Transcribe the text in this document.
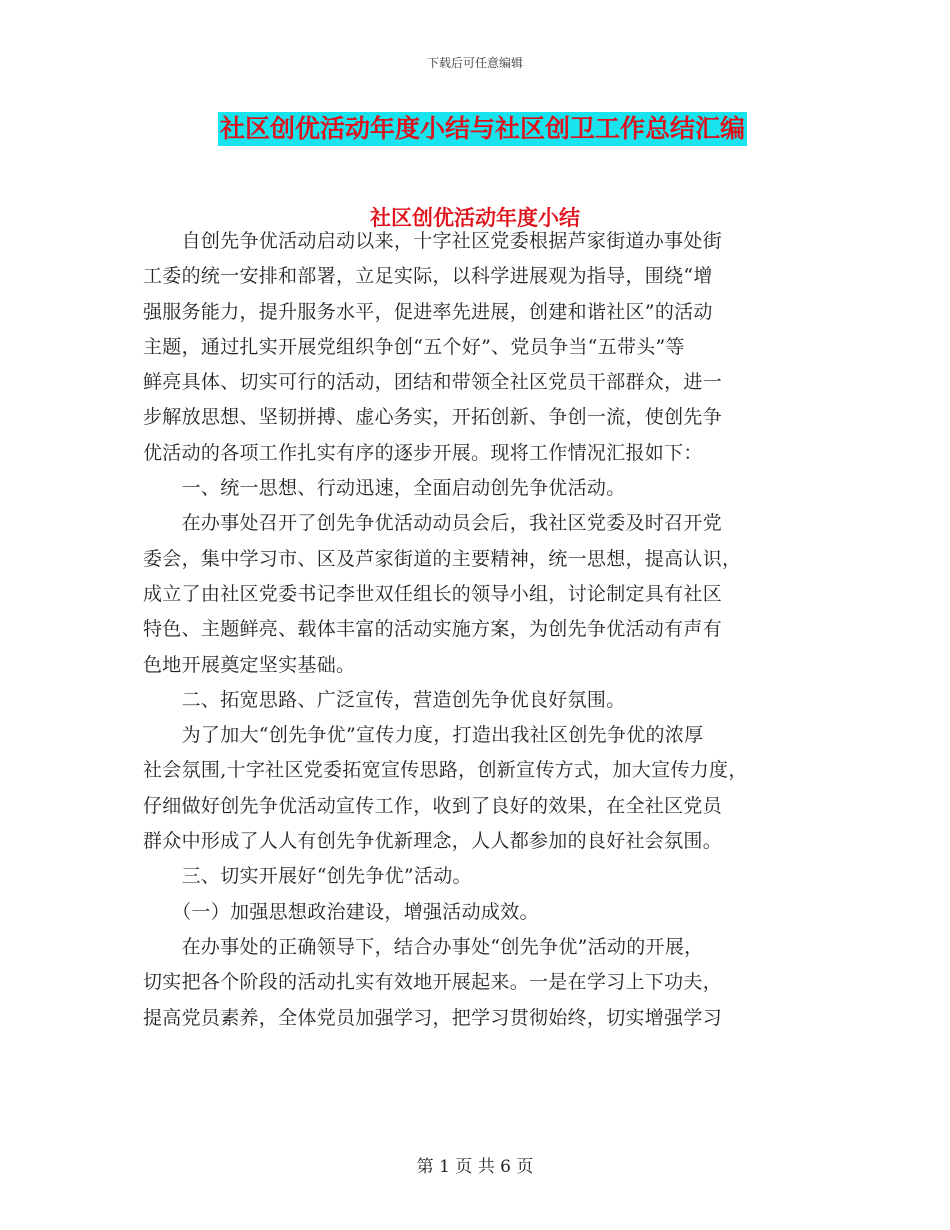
下载后可任意编辑
社区创优活动年度小结与社区创卫工作总结汇编
社区创优活动年度小结
　　自创先争优活动启动以来，十字社区党委根据芦家街道办事处街
工委的统一安排和部署，立足实际，以科学进展观为指导，围绕“增
强服务能力，提升服务水平，促进率先进展，创建和谐社区”的活动
主题，通过扎实开展党组织争创“五个好”、党员争当“五带头”等
鲜亮具体、切实可行的活动，团结和带领全社区党员干部群众，进一
步解放思想、坚韧拼搏、虚心务实，开拓创新、争创一流，使创先争
优活动的各项工作扎实有序的逐步开展。现将工作情况汇报如下：
　　一、统一思想、行动迅速，全面启动创先争优活动。
　　在办事处召开了创先争优活动动员会后，我社区党委及时召开党
委会，集中学习市、区及芦家街道的主要精神，统一思想，提高认识，
成立了由社区党委书记李世双任组长的领导小组，讨论制定具有社区
特色、主题鲜亮、载体丰富的活动实施方案，为创先争优活动有声有
色地开展奠定坚实基础。
　　二、拓宽思路、广泛宣传，营造创先争优良好氛围。
　　为了加大“创先争优”宣传力度，打造出我社区创先争优的浓厚
社会氛围,十字社区党委拓宽宣传思路，创新宣传方式，加大宣传力度，
仔细做好创先争优活动宣传工作，收到了良好的效果，在全社区党员
群众中形成了人人有创先争优新理念，人人都参加的良好社会氛围。
　　三、切实开展好“创先争优”活动。
　　（一）加强思想政治建设，增强活动成效。
　　在办事处的正确领导下，结合办事处“创先争优”活动的开展，
切实把各个阶段的活动扎实有效地开展起来。一是在学习上下功夫，
提高党员素养，全体党员加强学习，把学习贯彻始终，切实增强学习
第 1 页 共 6 页
